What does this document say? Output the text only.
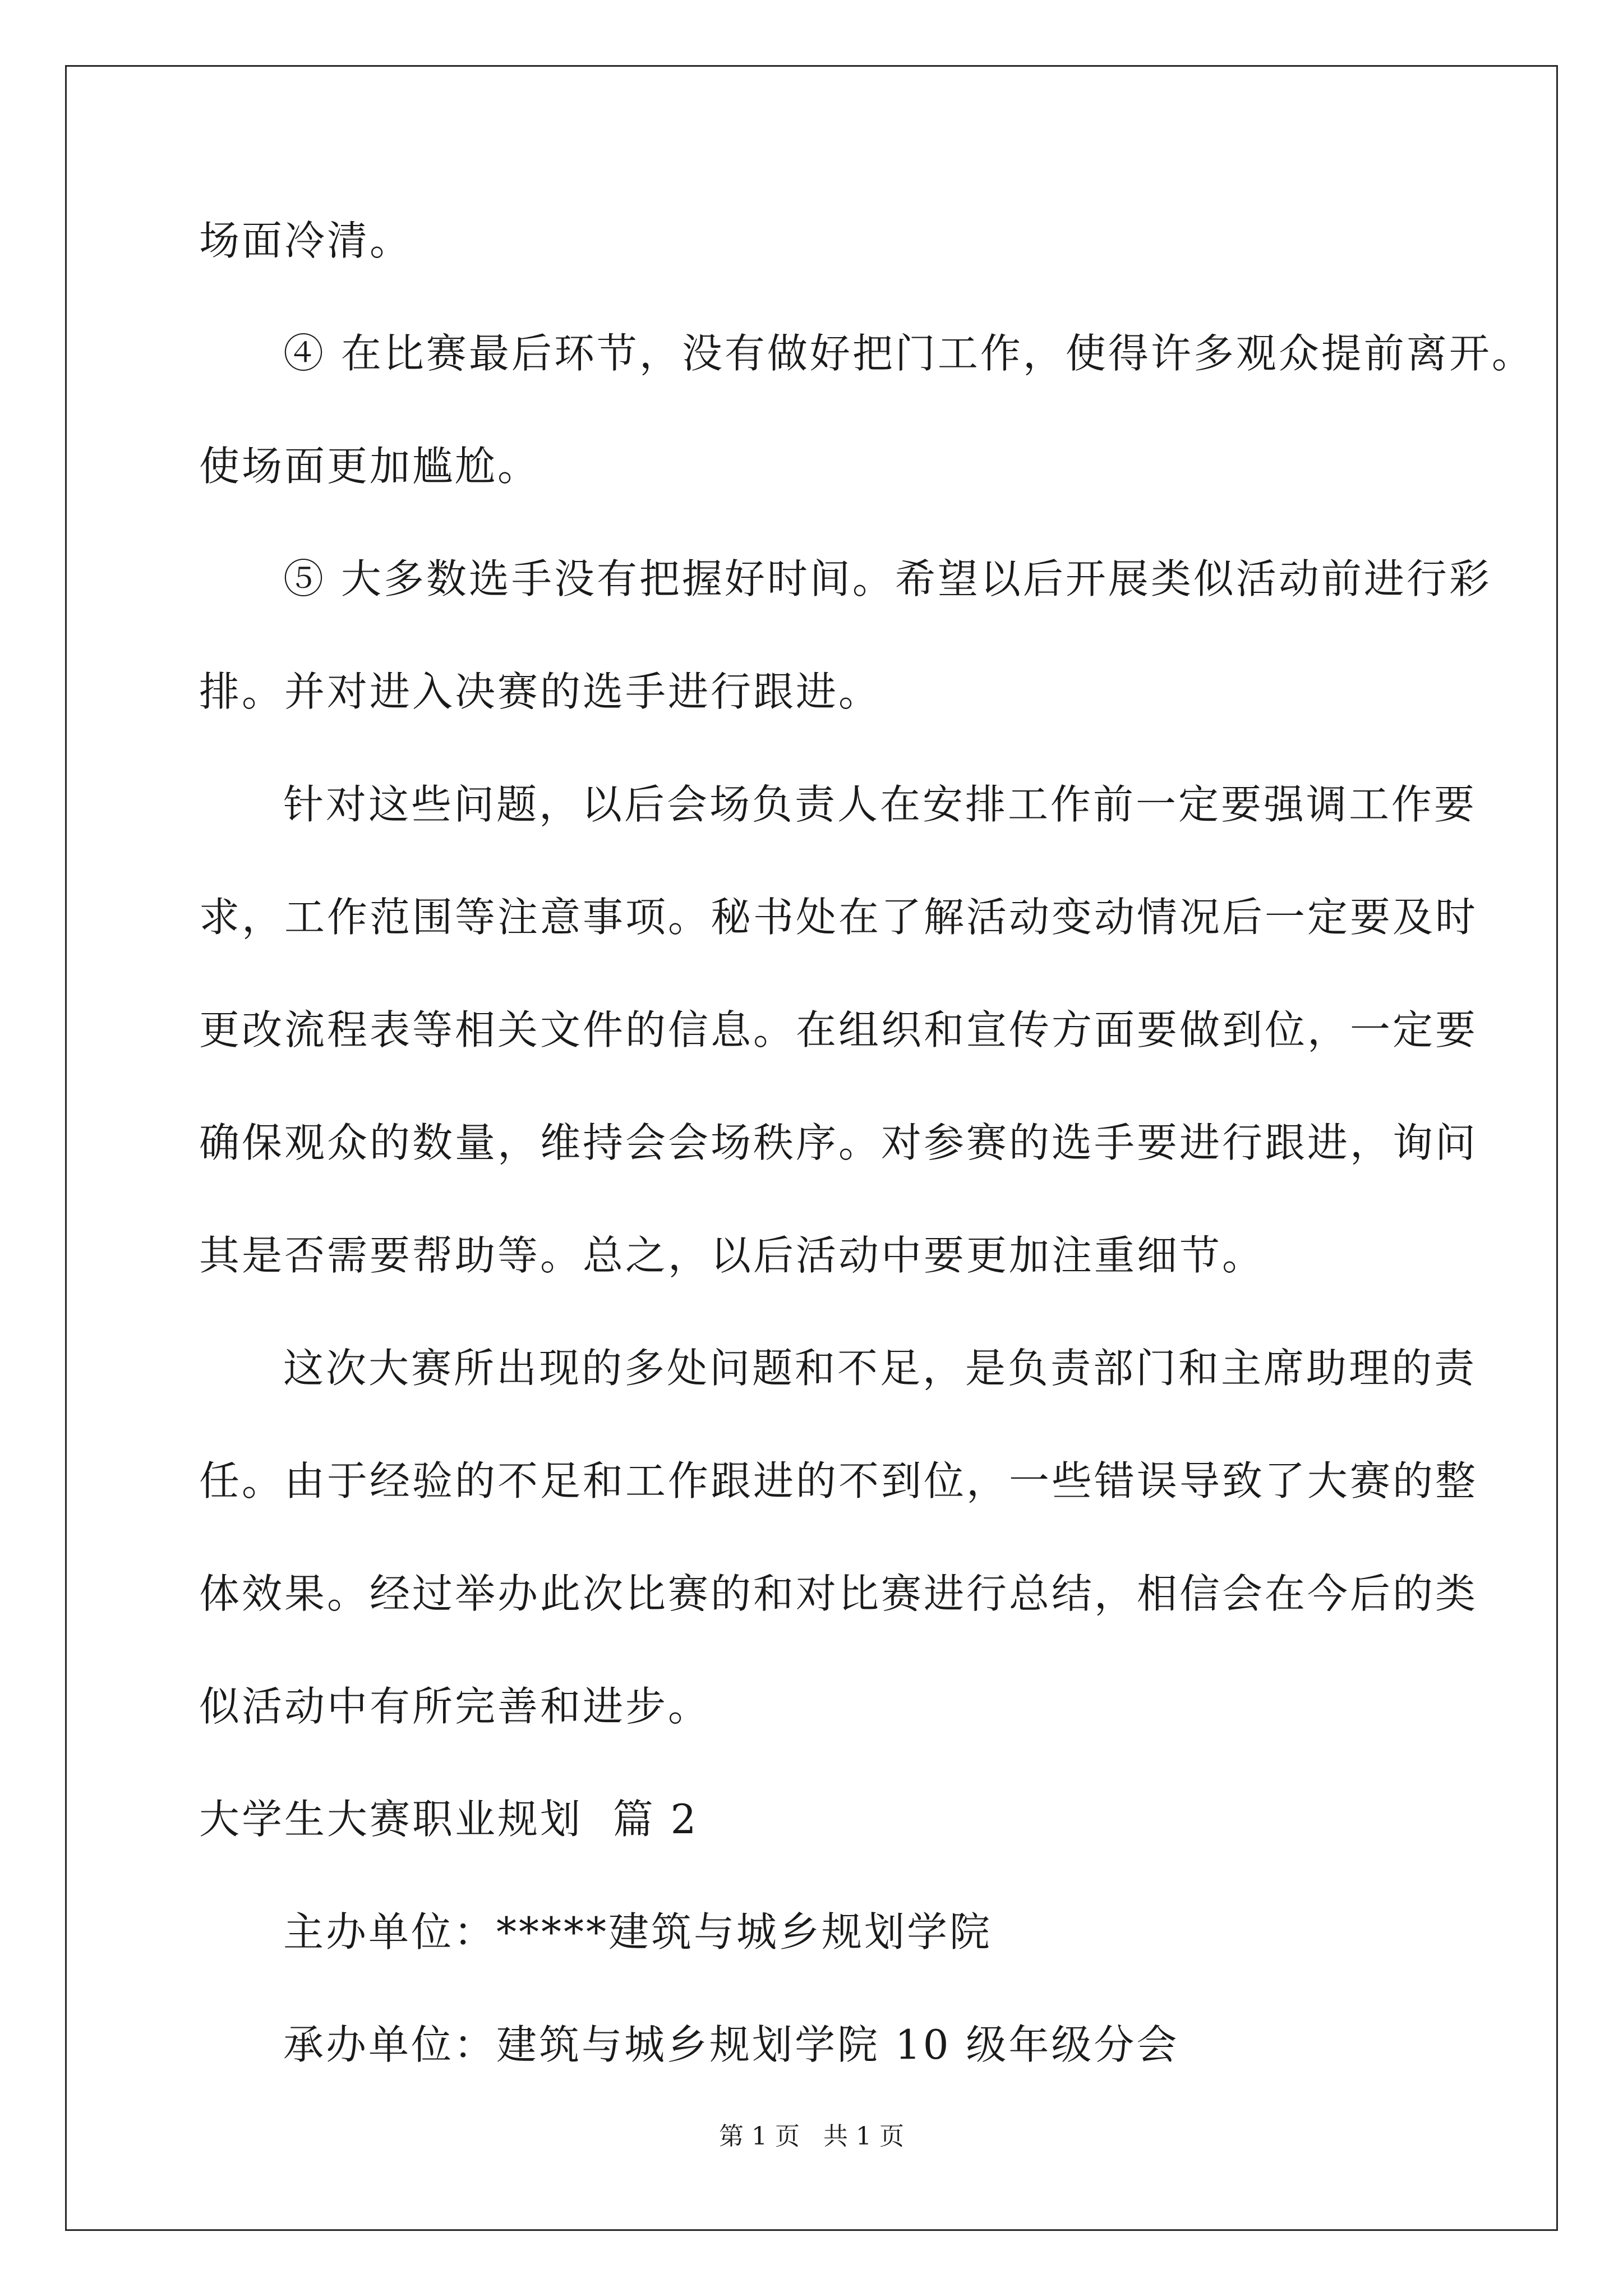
场面冷清。
④ 在比赛最后环节，没有做好把门工作，使得许多观众提前离开。
使场面更加尴尬。
⑤ 大多数选手没有把握好时间。希望以后开展类似活动前进行彩
排。并对进入决赛的选手进行跟进。
针对这些问题，以后会场负责人在安排工作前一定要强调工作要
求，工作范围等注意事项。秘书处在了解活动变动情况后一定要及时
更改流程表等相关文件的信息。在组织和宣传方面要做到位，一定要
确保观众的数量，维持会会场秩序。对参赛的选手要进行跟进，询问
其是否需要帮助等。总之，以后活动中要更加注重细节。
这次大赛所出现的多处问题和不足，是负责部门和主席助理的责
任。由于经验的不足和工作跟进的不到位，一些错误导致了大赛的整
体效果。经过举办此次比赛的和对比赛进行总结，相信会在今后的类
似活动中有所完善和进步。
大学生大赛职业规划  篇 2
主办单位：*****建筑与城乡规划学院
承办单位：建筑与城乡规划学院 10 级年级分会
第 1 页   共 1 页
